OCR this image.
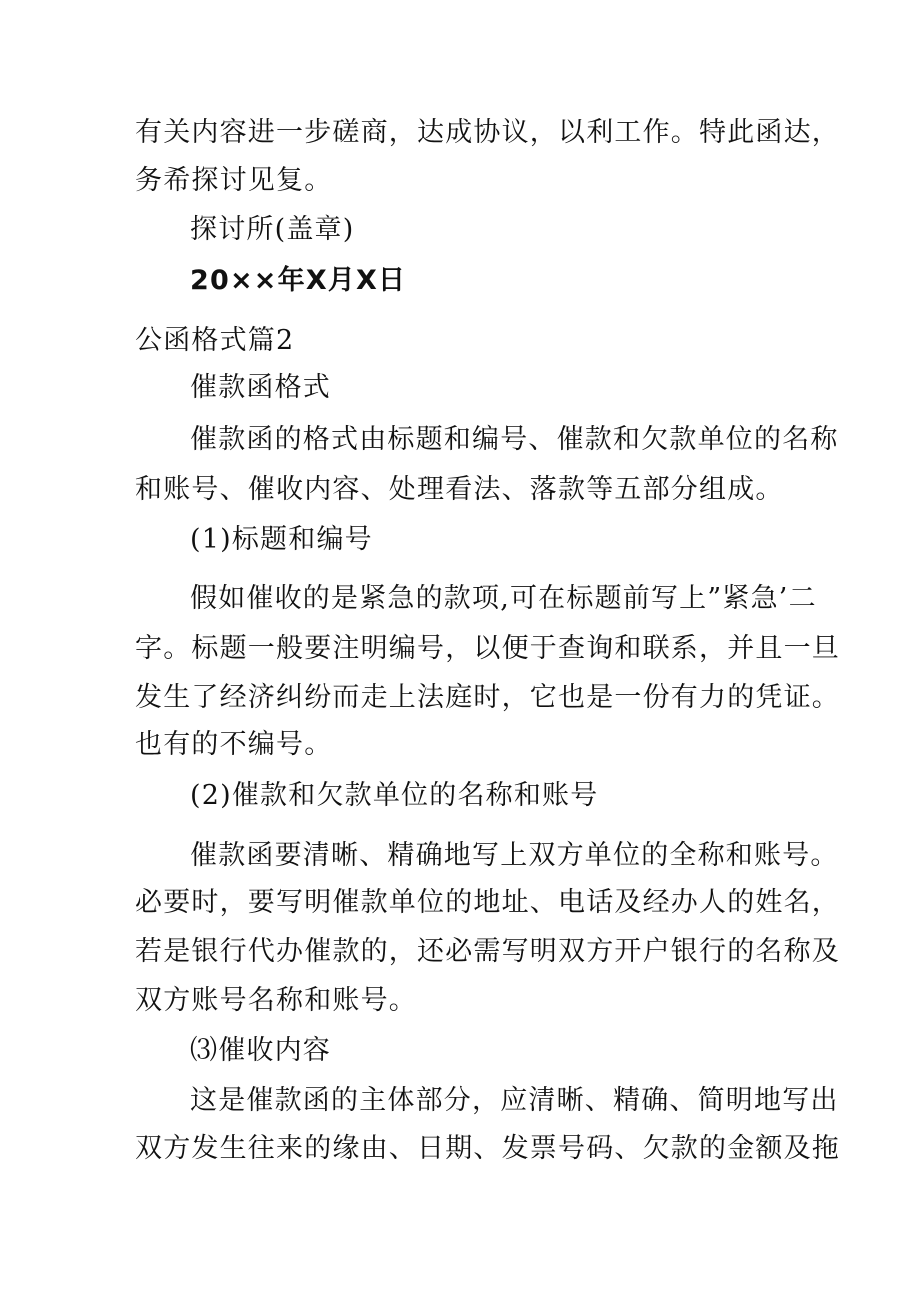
有关内容进一步磋商，达成协议，以利工作。特此函达，
务希探讨见复。
探讨所(盖章)
20××年X月X日
公函格式篇2
催款函格式
催款函的格式由标题和编号、催款和欠款单位的名称
和账号、催收内容、处理看法、落款等五部分组成。
(1)标题和编号
假如催收的是紧急的款项,可在标题前写上”紧急’二
字。标题一般要注明编号，以便于查询和联系，并且一旦
发生了经济纠纷而走上法庭时，它也是一份有力的凭证。
也有的不编号。
(2)催款和欠款单位的名称和账号
催款函要清晰、精确地写上双方单位的全称和账号。
必要时，要写明催款单位的地址、电话及经办人的姓名，
若是银行代办催款的，还必需写明双方开户银行的名称及
双方账号名称和账号。
⑶催收内容
这是催款函的主体部分，应清晰、精确、简明地写出
双方发生往来的缘由、日期、发票号码、欠款的金额及拖
